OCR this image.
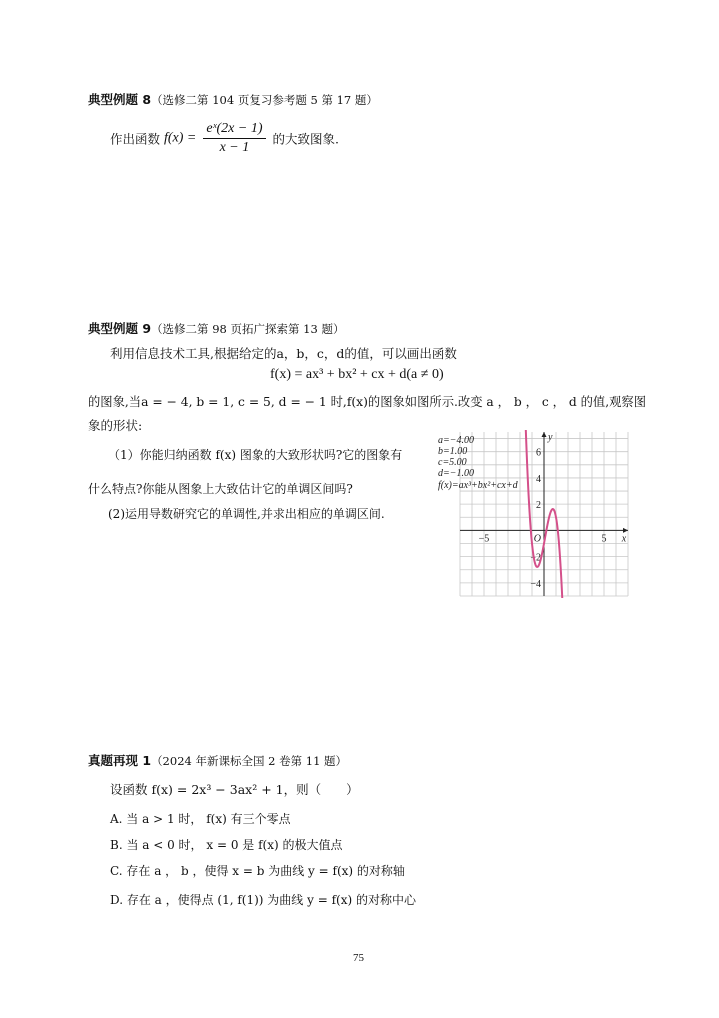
典型例题 8（选修二第 104 页复习参考题 5 第 17 题）
作出函数 $f(x) = \frac{\text{eˣ(2x − 1)}}{x - 1}$ 的大致图象.
典型例题 9（选修二第 98 页拓广探索第 13 题）
利用信息技术工具,根据给定的a，b，c，d的值，可以画出函数
f(x) = ax³ + bx² + cx + d(a ≠ 0)
的图象,当a = − 4, b = 1, c = 5, d = − 1 时,f(x)的图象如图所示.改变 a ， b ， c ， d 的值,观察图
象的形状:
（1）你能归纳函数 f(x) 图象的大致形状吗?它的图象有
什么特点?你能从图象上大致估计它的单调区间吗?
(2)运用导数研究它的单调性,并求出相应的单调区间.
−5	O	5 x
y
6
4
2
−2
−4
a=−4.00
b=1.00
c=5.00
d=−1.00
f(x)=ax³+bx²+cx+d
真题再现 1（2024 年新课标全国 2 卷第 11 题）
设函数 f(x) = 2x³ − 3ax² + 1，则（　　）
A. 当 a > 1 时， f(x) 有三个零点
B. 当 a < 0 时， x = 0 是 f(x) 的极大值点
C. 存在 a ， b ，使得 x = b 为曲线 y = f(x) 的对称轴
D. 存在 a ，使得点 (1, f(1)) 为曲线 y = f(x) 的对称中心
75
